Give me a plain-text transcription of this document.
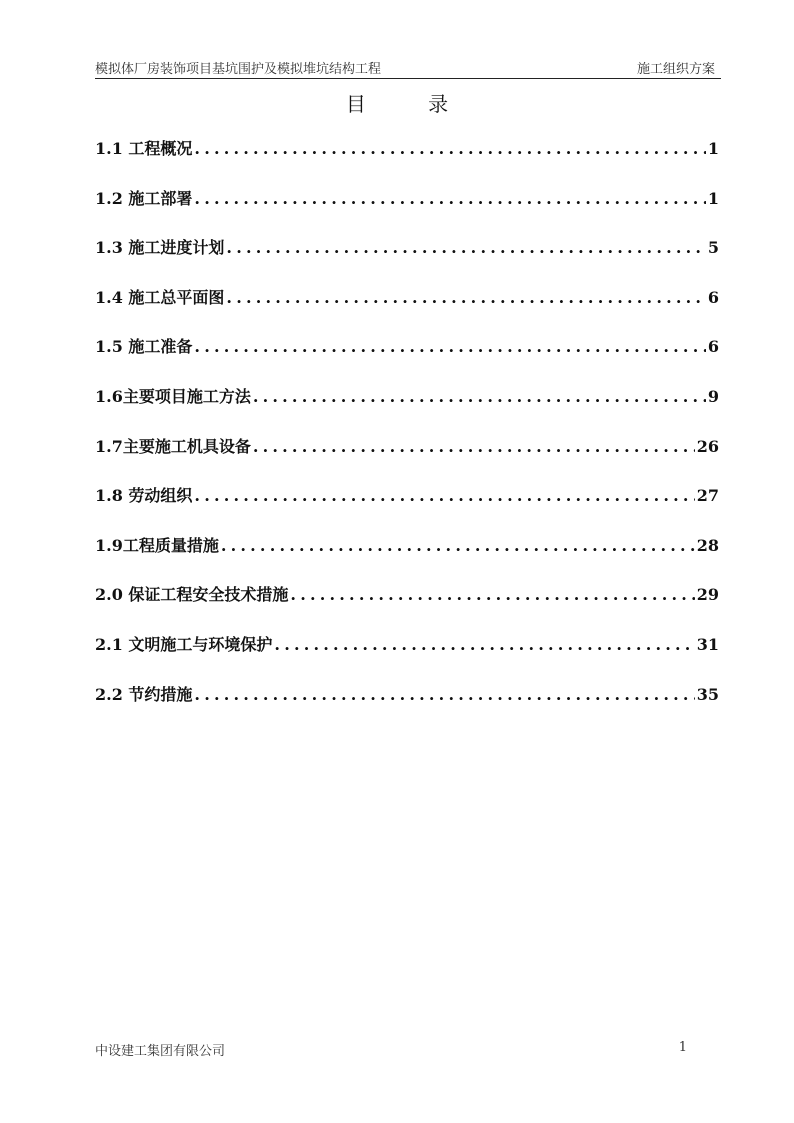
模拟体厂房装饰项目基坑围护及模拟堆坑结构工程	施工组织方案
目 录
1.1 工程概况 .....	1
1.2 施工部署 .....	1
1.3 施工进度计划 .....	5
1.4 施工总平面图 .....	6
1.5 施工准备 .....	6
1.6主要项目施工方法 .....	9
1.7主要施工机具设备 .....	26
1.8 劳动组织 .....	27
1.9工程质量措施 .....	28
2.0 保证工程安全技术措施 .....	29
2.1 文明施工与环境保护 .....	31
2.2 节约措施 .....	35
中设建工集团有限公司	1
